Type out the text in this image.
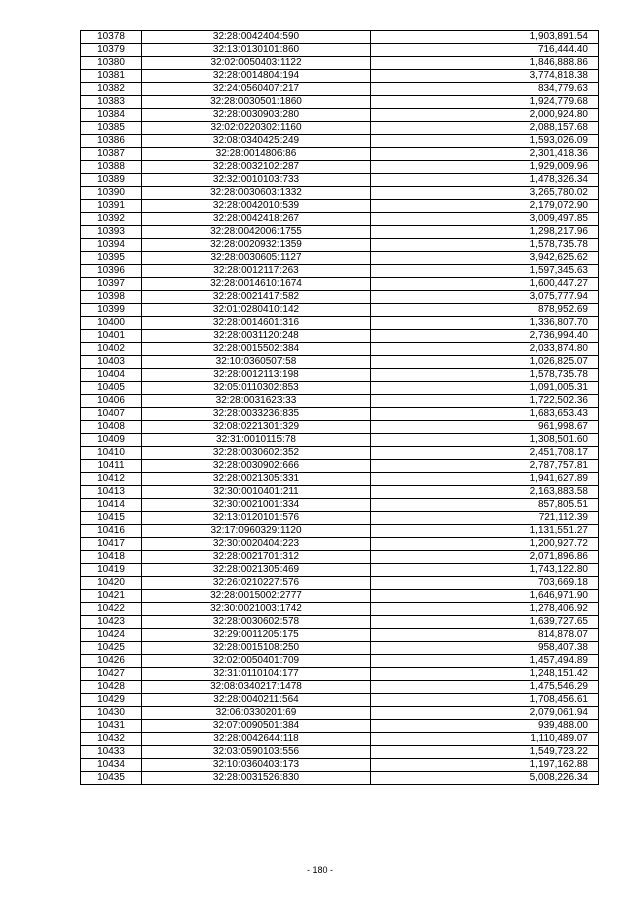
10378	32:28:0042404:590	1,903,891.54
10379	32:13:0130101:860	716,444.40
10380	32:02:0050403:1122	1,846,888.86
10381	32:28:0014804:194	3,774,818.38
10382	32:24:0560407:217	834,779.63
10383	32:28:0030501:1860	1,924,779.68
10384	32:28:0030903:280	2,000,924.80
10385	32:02:0220302:1160	2,088,157.68
10386	32:08:0340425:249	1,593,026.09
10387	32:28:0014806:86	2,301,418.36
10388	32:28:0032102:287	1,929,009.96
10389	32:32:0010103:733	1,478,326.34
10390	32:28:0030603:1332	3,265,780.02
10391	32:28:0042010:539	2,179,072.90
10392	32:28:0042418:267	3,009,497.85
10393	32:28:0042006:1755	1,298,217.96
10394	32:28:0020932:1359	1,578,735.78
10395	32:28:0030605:1127	3,942,625.62
10396	32:28:0012117:263	1,597,345.63
10397	32:28:0014610:1674	1,600,447.27
10398	32:28:0021417:582	3,075,777.94
10399	32:01:0280410:142	878,952.69
10400	32:28:0014601:316	1,336,807.70
10401	32:28:0031120:248	2,736,994.40
10402	32:28:0015502:384	2,033,874.80
10403	32:10:0360507:58	1,026,825.07
10404	32:28:0012113:198	1,578,735.78
10405	32:05:0110302:853	1,091,005.31
10406	32:28:0031623:33	1,722,502.36
10407	32:28:0033236:835	1,683,653.43
10408	32:08:0221301:329	961,998.67
10409	32:31:0010115:78	1,308,501.60
10410	32:28:0030602:352	2,451,708.17
10411	32:28:0030902:666	2,787,757.81
10412	32:28:0021305:331	1,941,627.89
10413	32:30:0010401:211	2,163,883.58
10414	32:30:0021001:334	857,805.51
10415	32:13:0120101:576	721,112.39
10416	32:17:0960329:1120	1,131,551.27
10417	32:30:0020404:223	1,200,927.72
10418	32:28:0021701:312	2,071,896.86
10419	32:28:0021305:469	1,743,122.80
10420	32:26:0210227:576	703,669.18
10421	32:28:0015002:2777	1,646,971.90
10422	32:30:0021003:1742	1,278,406.92
10423	32:28:0030602:578	1,639,727.65
10424	32:29:0011205:175	814,878.07
10425	32:28:0015108:250	958,407.38
10426	32:02:0050401:709	1,457,494.89
10427	32:31:0110104:177	1,248,151.42
10428	32:08:0340217:1478	1,475,546.29
10429	32:28:0040211:564	1,708,456.61
10430	32:06:0330201:69	2,079,061.94
10431	32:07:0090501:384	939,488.00
10432	32:28:0042644:118	1,110,489.07
10433	32:03:0590103:556	1,549,723.22
10434	32:10:0360403:173	1,197,162.88
10435	32:28:0031526:830	5,008,226.34
- 180 -
